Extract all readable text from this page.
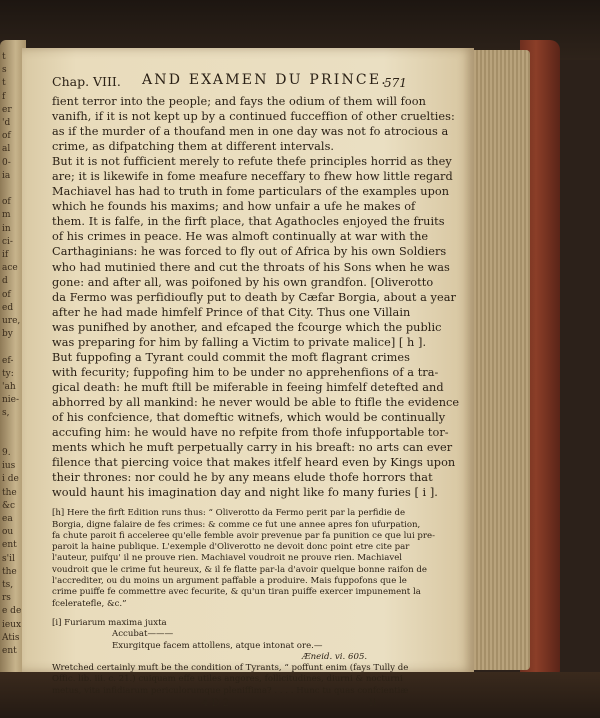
t
s
t
f
er
'd
of
al
0-
ia
of
m
in
ci-
if
ace
d
of
ed
ure,
by
ef-
ty:
'ah
nie-
s,
9.
ius
i de
the
&c
ea
ou
ent
s'il
the
ts,
rs
e de
ieux
Atis
ent
Chap. VIII. AND EXAMEN DU PRINCE.
571
fient terror into the people; and fays the odium of them will foon
vanifh, if it is not kept up by a continued fucceffion of other cruelties:
as if the murder of a thoufand men in one day was not fo atrocious a
crime, as difpatching them at different intervals.
But it is not fufficient merely to refute thefe principles horrid as they
are; it is likewife in fome meafure neceffary to fhew how little regard
Machiavel has had to truth in fome particulars of the examples upon
which he founds his maxims; and how unfair a ufe he makes of
them. It is falfe, in the firft place, that Agathocles enjoyed the fruits
of his crimes in peace. He was almoft continually at war with the
Carthaginians: he was forced to fly out of Africa by his own Soldiers
who had mutinied there and cut the throats of his Sons when he was
gone: and after all, was poifoned by his own grandfon. [Oliverotto
da Fermo was perfidioufly put to death by Cæfar Borgia, about a year
after he had made himfelf Prince of that City. Thus one Villain
was punifhed by another, and efcaped the fcourge which the public
was preparing for him by falling a Victim to private malice] [ h ].
But fuppofing a Tyrant could commit the moft flagrant crimes
with fecurity; fuppofing him to be under no apprehenfions of a tra-
gical death: he muft ftill be miferable in feeing himfelf detefted and
abhorred by all mankind: he never would be able to ftifle the evidence
of his confcience, that domeftic witnefs, which would be continually
accufing him: he would have no refpite from thofe infupportable tor-
ments which he muft perpetually carry in his breaft: no arts can ever
filence that piercing voice that makes itfelf heard even by Kings upon
their thrones: nor could he by any means elude thofe horrors that
would haunt his imagination day and night like fo many furies [ i ].
[h] Here the firft Edition runs thus: “ Oliverotto da Fermo perit par la perfidie de
Borgia, digne falaire de fes crimes: & comme ce fut une annee apres fon ufurpation,
fa chute paroit fi acceleree qu'elle femble avoir prevenue par fa punition ce que lui pre-
paroit la haine publique. L'exemple d'Oliverotto ne devoit donc point etre cite par
l'auteur, puifqu' il ne prouve rien. Machiavel voudroit ne prouve rien. Machiavel
voudroit que le crime fut heureux, & il fe flatte par-la d'avoir quelque bonne raifon de
l'accrediter, ou du moins un argument paffable a produire. Mais fuppofons que le
crime puiffe fe commettre avec fecurite, & qu'un tiran puiffe exercer impunement la
fceleratefle, &c.”
[i] Furiarum maxima juxta
Accubat———
Exurgitque facem attollens, atque intonat ore.—
Æneid. vi. 605.
Wretched certainly muft be the condition of Tyrants, “ poffunt enim (fays Tully de
Offic. lib. iii. c. 21.) cuiquam effe utiles angores, follicitudines, diurni & nocturni
metus, vita infidiarum periculorumque pleniffima? . . . . Hunc tu quas confcientiæ
4 D 2	It
